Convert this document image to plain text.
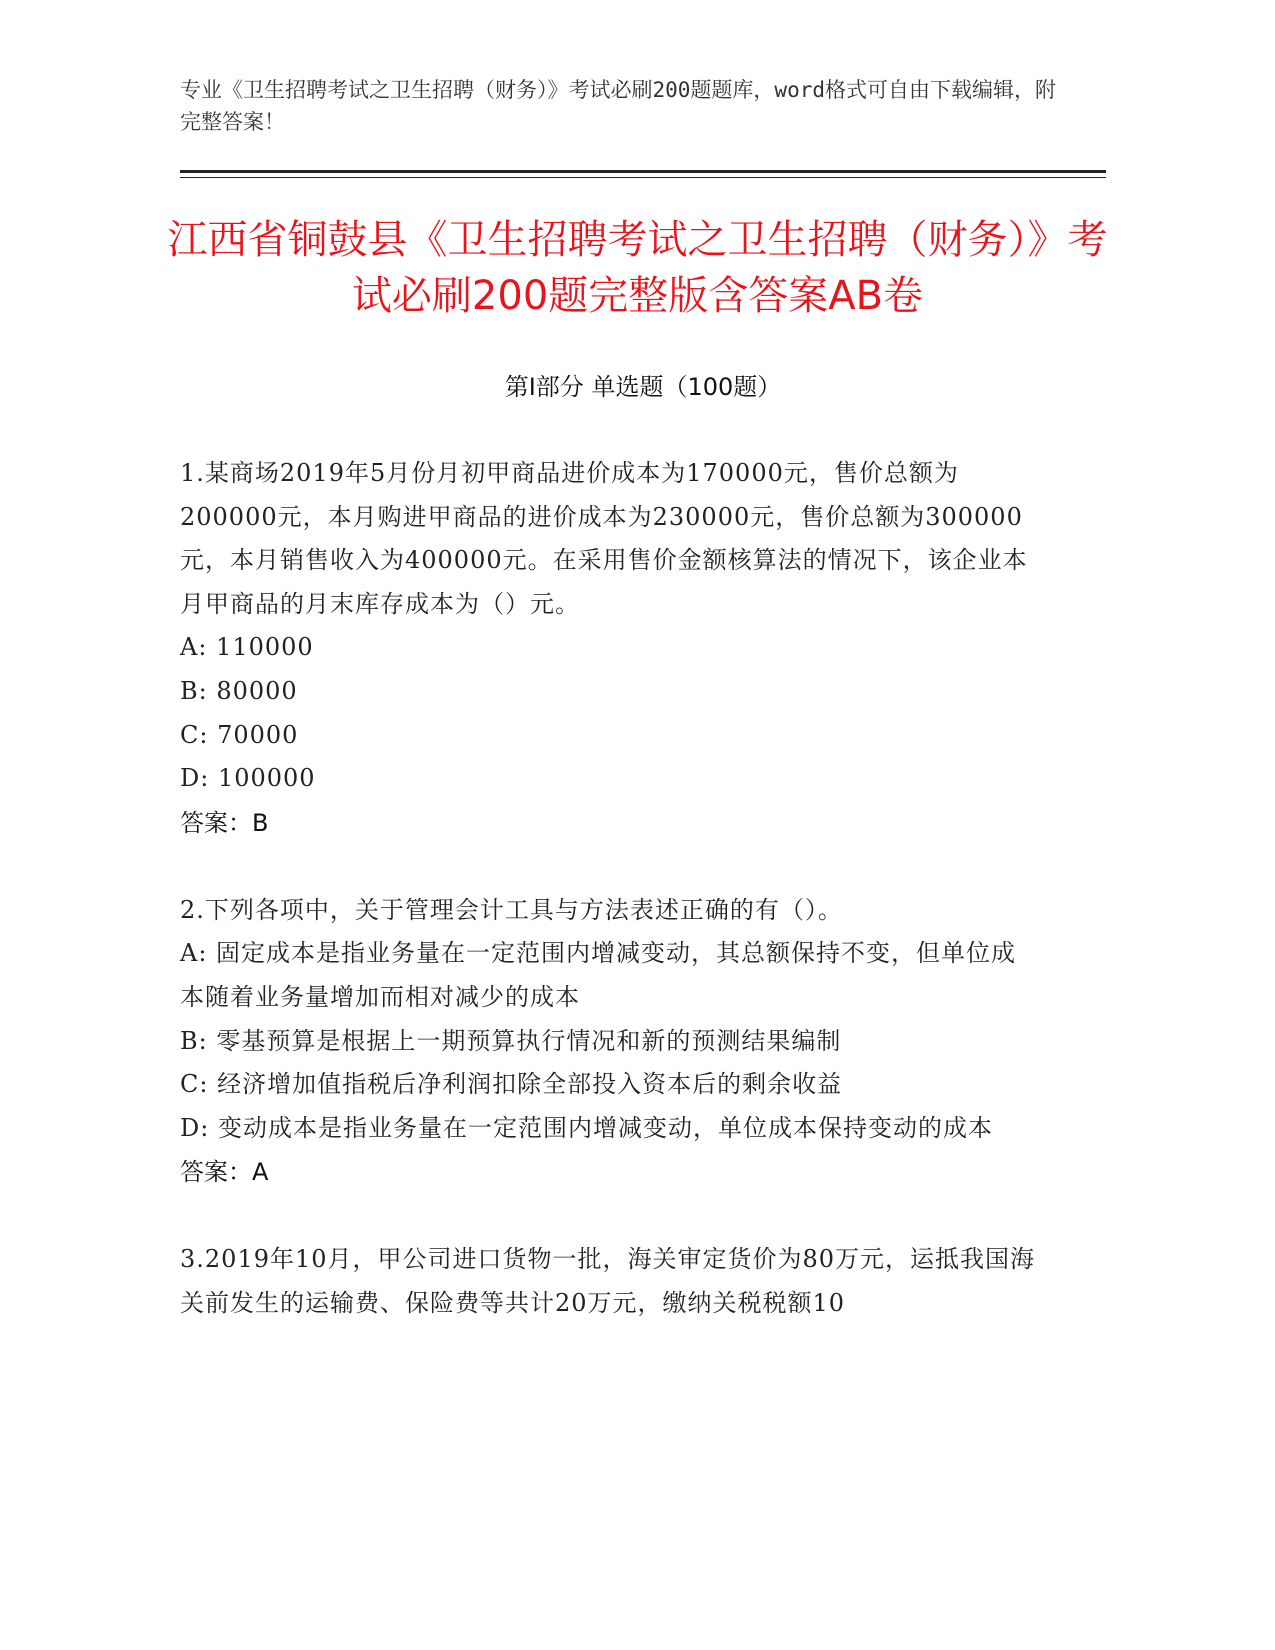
专业《卫生招聘考试之卫生招聘（财务）》考试必刷200题题库，word格式可自由下载编辑，附完整答案！
江西省铜鼓县《卫生招聘考试之卫生招聘（财务）》考试必刷200题完整版含答案AB卷
第I部分 单选题（100题）

1.某商场2019年5月份月初甲商品进价成本为170000元，售价总额为200000元，本月购进甲商品的进价成本为230000元，售价总额为300000元，本月销售收入为400000元。在采用售价金额核算法的情况下，该企业本月甲商品的月末库存成本为（）元。

A: 110000

B: 80000

C: 70000

D: 100000

答案：B

2.下列各项中，关于管理会计工具与方法表述正确的有（）。

A: 固定成本是指业务量在一定范围内增减变动，其总额保持不变，但单位成本随着业务量增加而相对减少的成本

B: 零基预算是根据上一期预算执行情况和新的预测结果编制

C: 经济增加值指税后净利润扣除全部投入资本后的剩余收益

D: 变动成本是指业务量在一定范围内增减变动，单位成本保持变动的成本

答案：A

3.2019年10月，甲公司进口货物一批，海关审定货价为80万元，运抵我国海关前发生的运输费、保险费等共计20万元，缴纳关税税额10
